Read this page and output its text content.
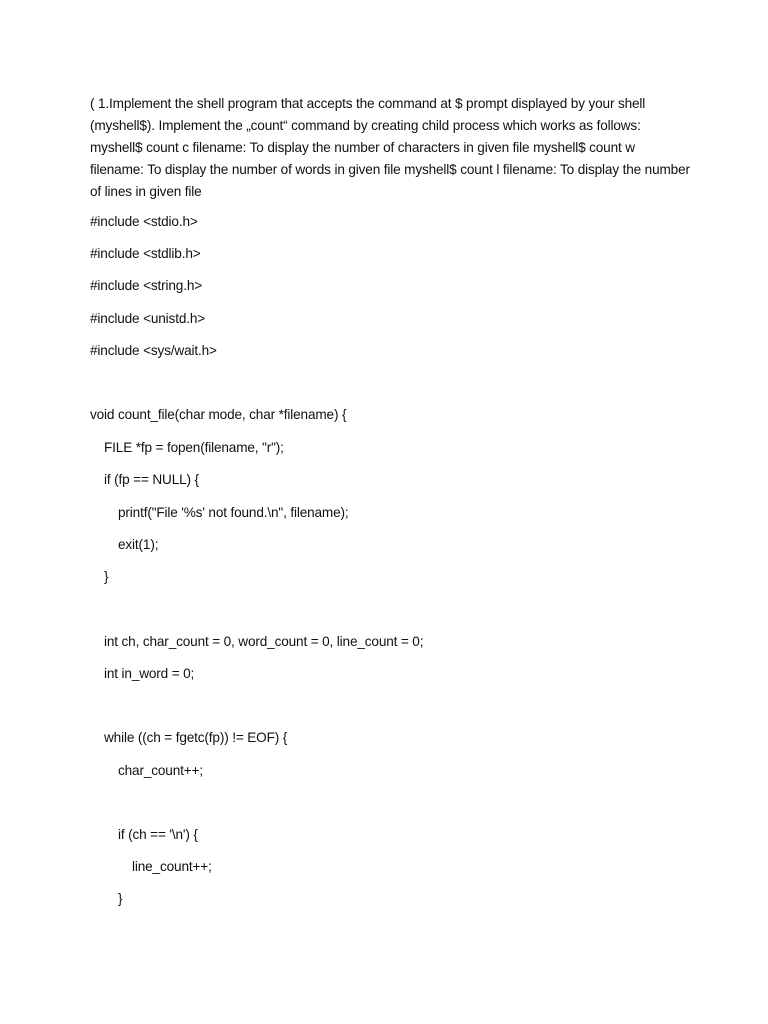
( 1.Implement the shell program that accepts the command at $ prompt displayed by your shell (myshell$). Implement the „count“ command by creating child process which works as follows: myshell$ count c filename: To display the number of characters in given file myshell$ count w filename: To display the number of words in given file myshell$ count l filename: To display the number of lines in given file

#include <stdio.h>
#include <stdlib.h>
#include <string.h>
#include <unistd.h>
#include <sys/wait.h>
void count_file(char mode, char *filename) {
FILE *fp = fopen(filename, "r");
if (fp == NULL) {
printf("File '%s' not found.\n", filename);
exit(1);
}
int ch, char_count = 0, word_count = 0, line_count = 0;
int in_word = 0;
while ((ch = fgetc(fp)) != EOF) {
char_count++;
if (ch == '\n') {
line_count++;
}
